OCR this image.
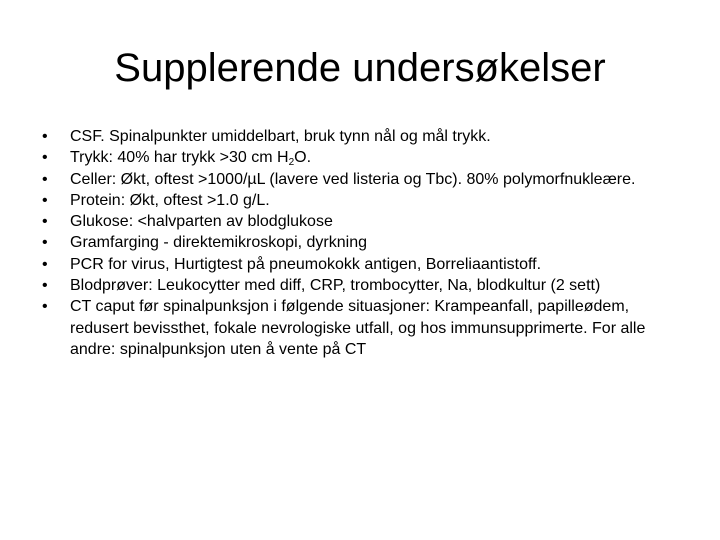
Supplerende undersøkelser
• CSF. Spinalpunkter umiddelbart, bruk tynn nål og mål trykk.
• Trykk: 40% har trykk >30 cm $H_2O$.
• Celler: Økt, oftest >1000/µL (lavere ved listeria og Tbc). 80% polymorfnukleære.
• Protein: Økt, oftest >1.0 g/L.
• Glukose: <halvparten av blodglukose
• Gramfarging - direktemikroskopi, dyrkning
• PCR for virus, Hurtigtest på pneumokokk antigen, Borreliaantistoff.
• Blodprøver: Leukocytter med diff, CRP, trombocytter, Na, blodkultur (2 sett)
• CT caput før spinalpunksjon i følgende situasjoner: Krampeanfall, papilleødem, redusert bevissthet, fokale nevrologiske utfall, og hos immunsupprimerte. For alle andre: spinalpunksjon uten å vente på CT
